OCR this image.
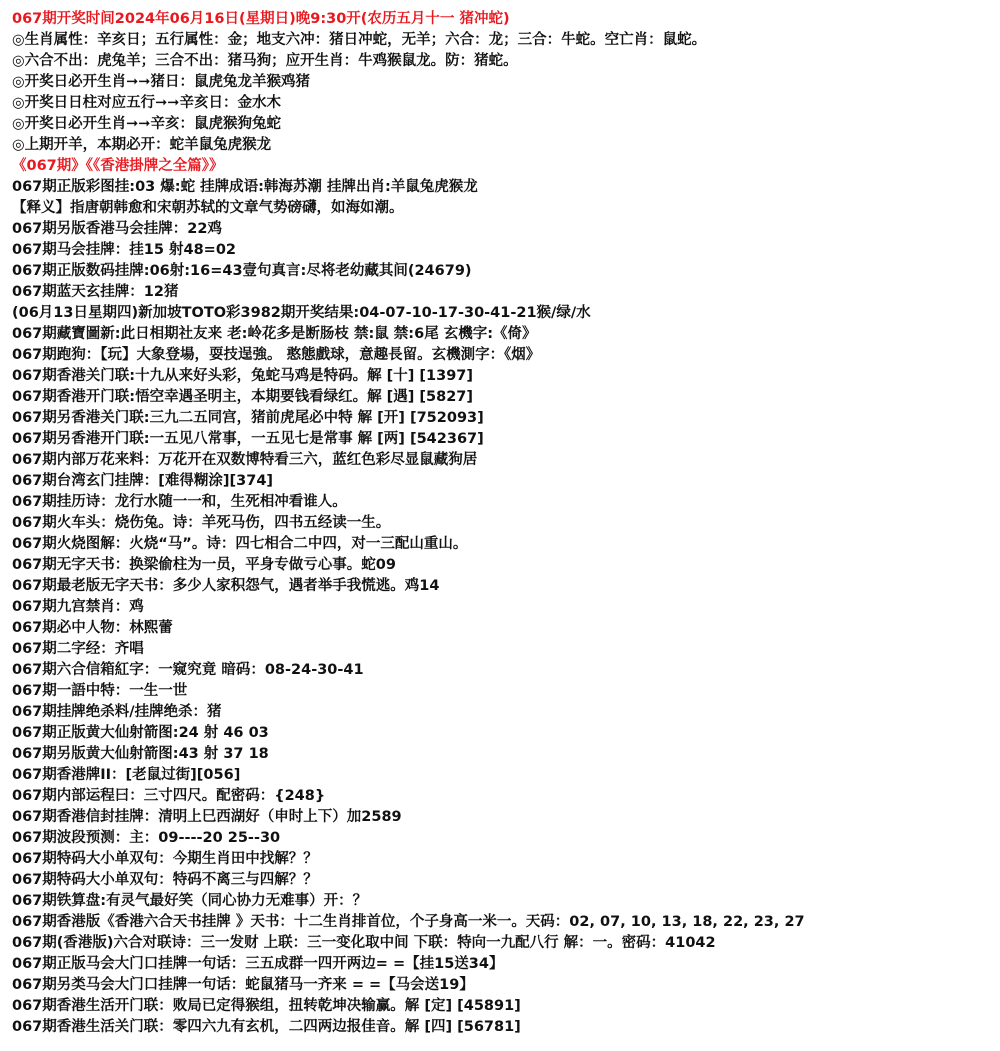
067期开奖时间2024年06月16日(星期日)晚9:30开(农历五月十一 猪冲蛇)
◎生肖属性：辛亥日；五行属性：金；地支六冲：猪日冲蛇，无羊；六合：龙；三合：牛蛇。空亡肖：鼠蛇。
◎六合不出：虎兔羊；三合不出：猪马狗；应开生肖：牛鸡猴鼠龙。防：猪蛇。
◎开奖日必开生肖➞➞猪日：鼠虎兔龙羊猴鸡猪
◎开奖日日柱对应五行➞➞辛亥日：金水木
◎开奖日必开生肖➞➞辛亥：鼠虎猴狗兔蛇
◎上期开羊，本期必开：蛇羊鼠兔虎猴龙
《067期》《《香港掛牌之全篇》》
067期正版彩图挂:03 爆:蛇 挂牌成语:韩海苏潮 挂牌出肖:羊鼠兔虎猴龙
【释义】指唐朝韩愈和宋朝苏轼的文章气势磅礴，如海如潮。
067期另版香港马会挂牌：22鸡
067期马会挂牌：挂15 射48=02
067期正版数码挂牌:06射:16=43壹句真言:尽将老幼藏其间(24679)
067期蓝天玄挂牌：12猪
(06月13日星期四)新加坡TOTO彩3982期开奖结果:04-07-10-17-30-41-21猴/绿/水
067期藏寶圖新:此日相期社友来 老:岭花多是断肠枝 禁:鼠 禁:6尾 玄機字:《倚》
067期跑狗：【玩】大象登場，耍技逞強。 憨態戲球，意趣長留。玄機測字：《烟》
067期香港关门联:十九从来好头彩，兔蛇马鸡是特码。解 [十] [1397]
067期香港开门联:悟空幸遇圣明主，本期要钱看绿红。解 [遇] [5827]
067期另香港关门联:三九二五同宫，猪前虎尾必中特 解 [开] [752093]
067期另香港开门联:一五见八常事，一五见七是常事 解 [两] [542367]
067期内部万花来料：万花开在双数博特看三六，蓝红色彩尽显鼠藏狗居
067期台湾玄门挂牌：[难得糊涂][374]
067期挂历诗：龙行水随一一和，生死相冲看谁人。
067期火车头：烧伤兔。诗：羊死马伤，四书五经读一生。
067期火烧图解：火烧“马”。诗：四七相合二中四，对一三配山重山。
067期无字天书：换梁偷柱为一员，平身专做亏心事。蛇09
067期最老版无字天书：多少人家积怨气，遇者举手我慌逃。鸡14
067期九宫禁肖：鸡
067期必中人物：林熙蕾
067期二字经：齐唱
067期六合信箱紅字：一窥究竟 暗码：08-24-30-41
067期一語中特：一生一世
067期挂牌绝杀料/挂牌绝杀：猪
067期正版黄大仙射箭图:24 射 46 03
067期另版黄大仙射箭图:43 射 37 18
067期香港牌II：[老鼠过街][056]
067期内部运程曰：三寸四尺。配密码：{248}
067期香港信封挂牌：清明上巳西湖好（申时上下）加2589
067期波段预测：主：09----20 25--30
067期特码大小单双句：今期生肖田中找解？？
067期特码大小单双句：特码不离三与四解？？
067期铁算盘:有灵气最好笑（同心协力无难事）开：？
067期香港版《香港六合天书挂牌 》天书：十二生肖排首位，个子身高一米一。天码：02, 07, 10, 13, 18, 22, 23, 27
067期(香港版)六合对联诗：三一发财 上联：三一变化取中间 下联：特向一九配八行 解：一。密码：41042
067期正版马会大门口挂牌一句话：三五成群一四开两边= =【挂15送34】
067期另类马会大门口挂牌一句话：蛇鼠猪马一齐来 = =【马会送19】
067期香港生活开门联：败局已定得猴组，扭转乾坤决输赢。解 [定] [45891]
067期香港生活关门联：零四六九有玄机，二四两边报佳音。解 [四] [56781]
